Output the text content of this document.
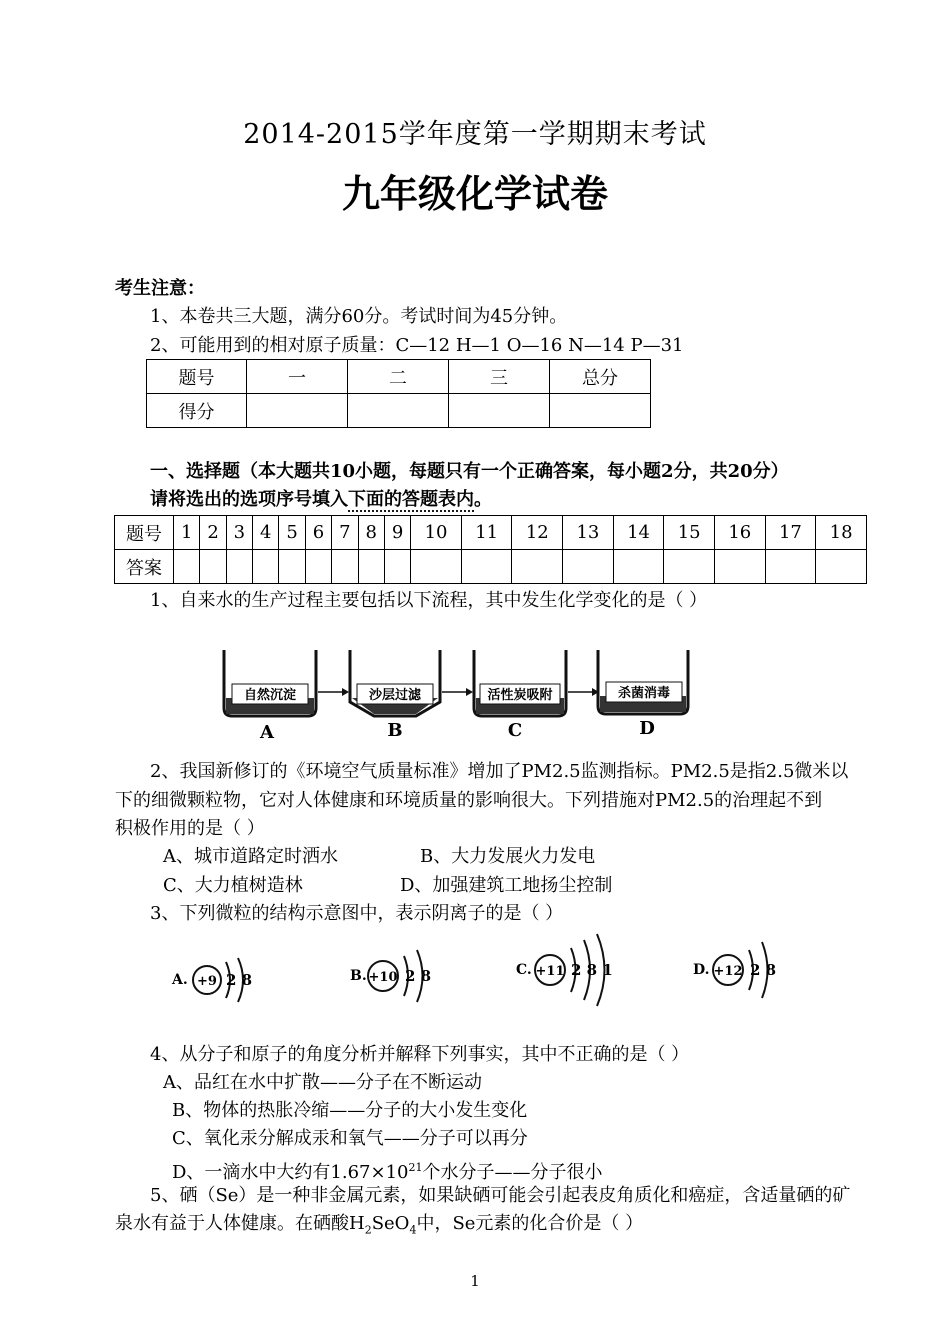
2014-2015学年度第一学期期末考试
九年级化学试卷
考生注意：
1、本卷共三大题，满分60分。考试时间为45分钟。
2、可能用到的相对原子质量：C—12 H—1 O—16 N—14 P—31
题号	一	二	三	总分
得分				
一、选择题（本大题共10小题，每题只有一个正确答案，每小题2分，共20分）
请将选出的选项序号填入下面的答题表内。
题号	1	2	3	4	5	6	7	8	9	10	11	12	13	14	15	16	17	18
答案																		
1、自来水的生产过程主要包括以下流程，其中发生化学变化的是（ ）
自然沉淀
A
沙层过滤
B
活性炭吸附
C
杀菌消毒
D
2、我国新修订的《环境空气质量标准》增加了PM2.5监测指标。PM2.5是指2.5微米以
下的细微颗粒物，它对人体健康和环境质量的影响很大。下列措施对PM2.5的治理起不到
积极作用的是（ ）
A、城市道路定时洒水	B、大力发展火力发电
C、大力植树造林	D、加强建筑工地扬尘控制
3、下列微粒的结构示意图中，表示阴离子的是（ ）
A. +9 2 8	B. +10 2 8	C. +11 2 8 1	D. +12 2 8
4、从分子和原子的角度分析并解释下列事实，其中不正确的是（ ）
A、品红在水中扩散——分子在不断运动
B、物体的热胀冷缩——分子的大小发生变化
C、氧化汞分解成汞和氧气——分子可以再分
D、一滴水中大约有$1.67\times 10^{21}$个水分子——分子很小
5、硒（Se）是一种非金属元素，如果缺硒可能会引起表皮角质化和癌症，含适量硒的矿
泉水有益于人体健康。在硒酸$H_2SeO_4$中，Se元素的化合价是（ ）
1
